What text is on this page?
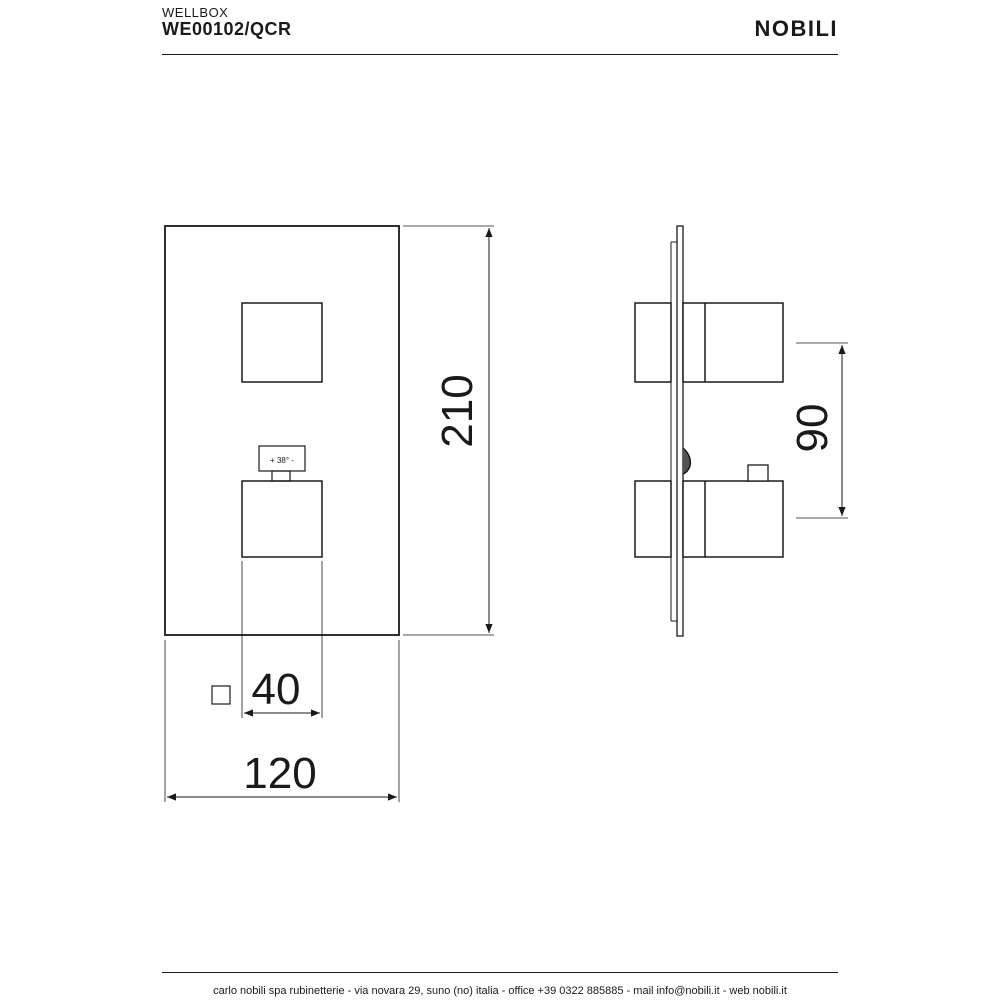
WELLBOX
WE00102/QCR	NOBILI
+ 38° -
210
120
40
90
carlo nobili spa rubinetterie - via novara 29, suno (no) italia - office +39 0322 885885 - mail info@nobili.it - web nobili.it
